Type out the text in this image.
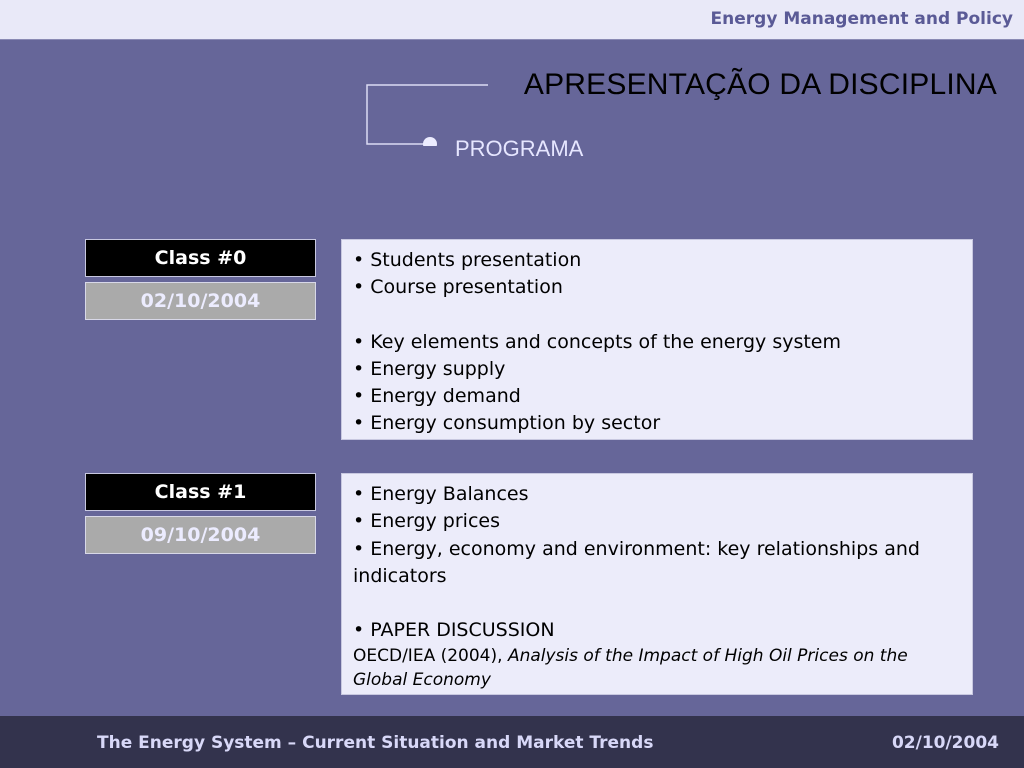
Energy Management and Policy
APRESENTAÇÃO DA DISCIPLINA
PROGRAMA
Class #0
02/10/2004
• Students presentation
• Course presentation
• Key elements and concepts of the energy system
• Energy supply
• Energy demand
• Energy consumption by sector
Class #1
09/10/2004
• Energy Balances
• Energy prices
• Energy, economy and environment: key relationships and indicators
• PAPER DISCUSSION
OECD/IEA (2004), Analysis of the Impact of High Oil Prices on the Global Economy
The Energy System – Current Situation and Market Trends	02/10/2004
